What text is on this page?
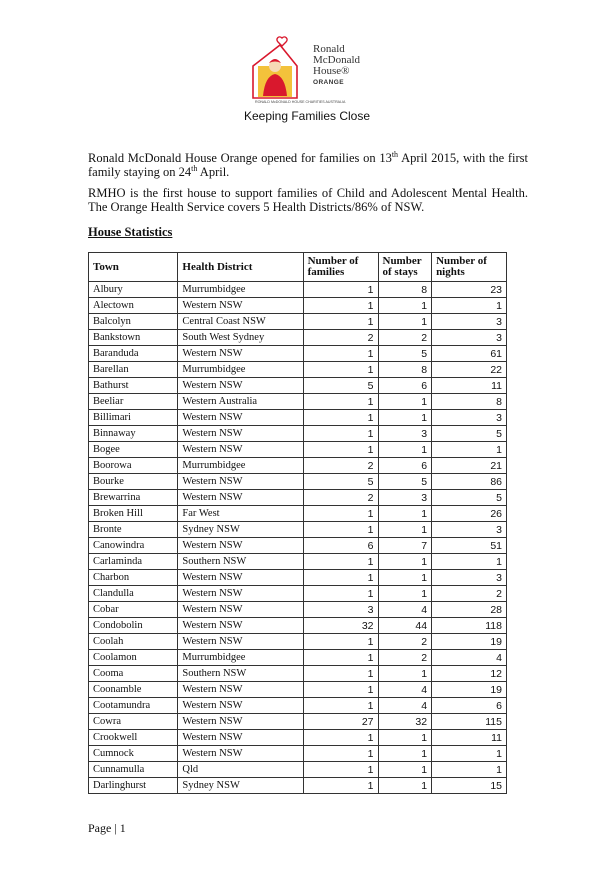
RONALD McDONALD HOUSE CHARITIES AUSTRALIA
Ronald
McDonald
House®
ORANGE
Keeping Families Close
Ronald McDonald House Orange opened for families on 13th April 2015, with the first family staying on 24th April.
RMHO is the first house to support families of Child and Adolescent Mental Health. The Orange Health Service covers 5 Health Districts/86% of NSW.
House Statistics
Town	Health District	Number of families	Number of stays	Number of nights
Albury	Murrumbidgee	1	8	23
Alectown	Western NSW	1	1	1
Balcolyn	Central Coast NSW	1	1	3
Bankstown	South West Sydney	2	2	3
Baranduda	Western NSW	1	5	61
Barellan	Murrumbidgee	1	8	22
Bathurst	Western NSW	5	6	11
Beeliar	Western Australia	1	1	8
Billimari	Western NSW	1	1	3
Binnaway	Western NSW	1	3	5
Bogee	Western NSW	1	1	1
Boorowa	Murrumbidgee	2	6	21
Bourke	Western NSW	5	5	86
Brewarrina	Western NSW	2	3	5
Broken Hill	Far West	1	1	26
Bronte	Sydney NSW	1	1	3
Canowindra	Western NSW	6	7	51
Carlaminda	Southern NSW	1	1	1
Charbon	Western NSW	1	1	3
Clandulla	Western NSW	1	1	2
Cobar	Western NSW	3	4	28
Condobolin	Western NSW	32	44	118
Coolah	Western NSW	1	2	19
Coolamon	Murrumbidgee	1	2	4
Cooma	Southern NSW	1	1	12
Coonamble	Western NSW	1	4	19
Cootamundra	Western NSW	1	4	6
Cowra	Western NSW	27	32	115
Crookwell	Western NSW	1	1	11
Cumnock	Western NSW	1	1	1
Cunnamulla	Qld	1	1	1
Darlinghurst	Sydney NSW	1	1	15
Page | 1
